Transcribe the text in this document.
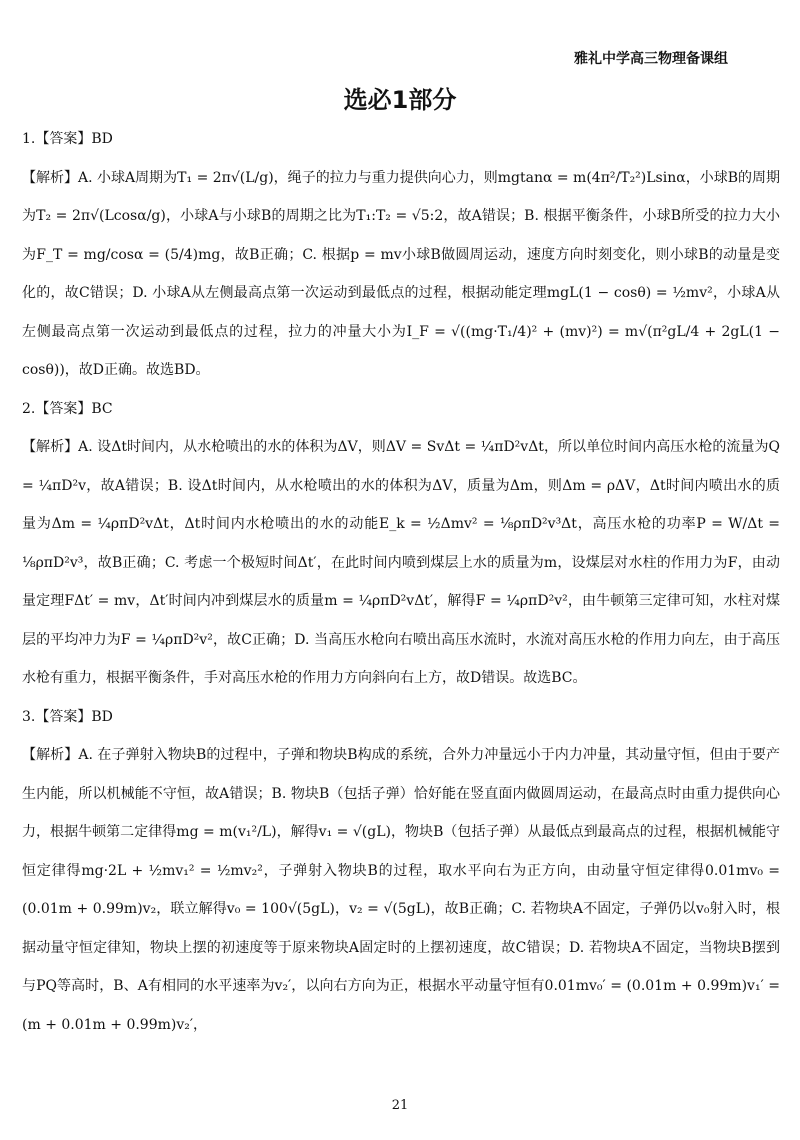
雅礼中学高三物理备课组
选必1部分

1.【答案】BD

【解析】A. 小球A周期为T₁ = 2π√(L/g)，绳子的拉力与重力提供向心力，则mgtanα = m(4π²/T₂²)Lsinα，小球B的周期为T₂ = 2π√(Lcosα/g)，小球A与小球B的周期之比为T₁:T₂ = √5:2，故A错误；B. 根据平衡条件，小球B所受的拉力大小为F_T = mg/cosα = (5/4)mg，故B正确；C. 根据p = mv小球B做圆周运动，速度方向时刻变化，则小球B的动量是变化的，故C错误；D. 小球A从左侧最高点第一次运动到最低点的过程，根据动能定理mgL(1 − cosθ) = ½mv²，小球A从左侧最高点第一次运动到最低点的过程，拉力的冲量大小为I_F = √((mg·T₁/4)² + (mv)²) = m√(π²gL/4 + 2gL(1 − cosθ))，故D正确。故选BD。

2.【答案】BC

【解析】A. 设Δt时间内，从水枪喷出的水的体积为ΔV，则ΔV = SvΔt = ¼πD²vΔt，所以单位时间内高压水枪的流量为Q = ¼πD²v，故A错误；B. 设Δt时间内，从水枪喷出的水的体积为ΔV，质量为Δm，则Δm = ρΔV，Δt时间内喷出水的质量为Δm = ¼ρπD²vΔt，Δt时间内水枪喷出的水的动能E_k = ½Δmv² = ⅛ρπD²v³Δt，高压水枪的功率P = W/Δt = ⅛ρπD²v³，故B正确；C. 考虑一个极短时间Δt′，在此时间内喷到煤层上水的质量为m，设煤层对水柱的作用力为F，由动量定理FΔt′ = mv，Δt′时间内冲到煤层水的质量m = ¼ρπD²vΔt′，解得F = ¼ρπD²v²，由牛顿第三定律可知，水柱对煤层的平均冲力为F = ¼ρπD²v²，故C正确；D. 当高压水枪向右喷出高压水流时，水流对高压水枪的作用力向左，由于高压水枪有重力，根据平衡条件，手对高压水枪的作用力方向斜向右上方，故D错误。故选BC。

3.【答案】BD

【解析】A. 在子弹射入物块B的过程中，子弹和物块B构成的系统，合外力冲量远小于内力冲量，其动量守恒，但由于要产生内能，所以机械能不守恒，故A错误；B. 物块B（包括子弹）恰好能在竖直面内做圆周运动，在最高点时由重力提供向心力，根据牛顿第二定律得mg = m(v₁²/L)，解得v₁ = √(gL)，物块B（包括子弹）从最低点到最高点的过程，根据机械能守恒定律得mg·2L + ½mv₁² = ½mv₂²，子弹射入物块B的过程，取水平向右为正方向，由动量守恒定律得0.01mv₀ = (0.01m + 0.99m)v₂，联立解得v₀ = 100√(5gL)，v₂ = √(5gL)，故B正确；C. 若物块A不固定，子弹仍以v₀射入时，根据动量守恒定律知，物块上摆的初速度等于原来物块A固定时的上摆初速度，故C错误；D. 若物块A不固定，当物块B摆到与PQ等高时，B、A有相同的水平速率为v₂′，以向右方向为正，根据水平动量守恒有0.01mv₀′ = (0.01m + 0.99m)v₁′ = (m + 0.01m + 0.99m)v₂′，

21
